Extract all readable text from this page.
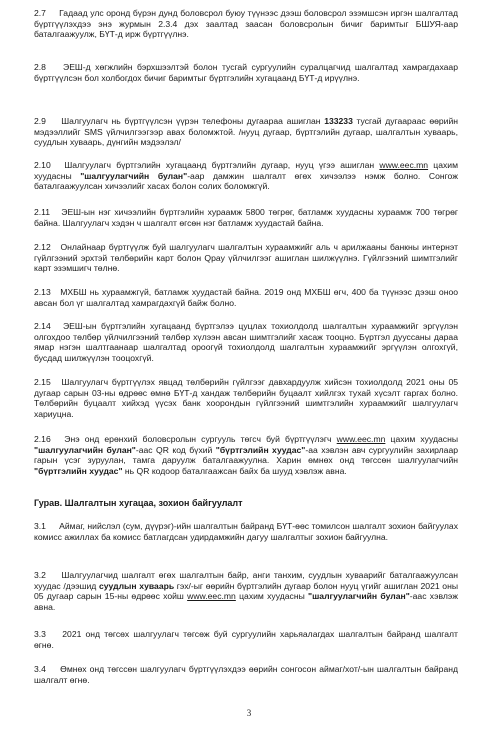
2.7 Гадаад улс оронд бүрэн дунд боловсрол буюу түүнээс дээш боловсрол эзэмшсэн иргэн шалгалтад бүртгүүлэхдээ энэ журмын 2.3.4 дэх заалтад заасан боловсролын бичиг баримтыг БШУЯ-аар баталгаажуулж, БҮТ-д ирж бүртгүүлнэ.
2.8 ЭЕШ-д хөгжлийн бэрхшээлтэй болон тусгай сургуулийн суралцагчид шалгалтад хамрагдахаар бүртгүүлсэн бол холбогдох бичиг баримтыг бүртгэлийн хугацаанд БҮТ-д ирүүлнэ.
2.9 Шалгуулагч нь бүртгүүлсэн үүрэн телефоны дугаараа ашиглан 133233 тусгай дугаараас өөрийн мэдээллийг SMS үйлчилгээгээр авах боломжтой. /нууц дугаар, бүртгэлийн дугаар, шалгалтын хуваарь, суудлын хуваарь, дүнгийн мэдээлэл/
2.10 Шалгуулагч бүртгэлийн хугацаанд бүртгэлийн дугаар, нууц үгээ ашиглан www.eec.mn цахим хуудасны "шалгуулагчийн булан"-аар дамжин шалгалт өгөх хичээлээ нэмж болно. Сонгож баталгаажуулсан хичээлийг хасах болон солих боломжгүй.
2.11 ЭЕШ-ын нэг хичээлийн бүртгэлийн хураамж 5800 төгрөг, батламж хуудасны хураамж 700 төгрөг байна. Шалгуулагч хэдэн ч шалгалт өгсөн нэг батламж хуудастай байна.
2.12 Онлайнаар бүртгүүлж буй шалгуулагч шалгалтын хураамжийг аль ч арилжааны банкны интернэт гүйлгээний эрхтэй төлбөрийн карт болон Qpay үйлчилгээг ашиглан шилжүүлнэ. Гүйлгээний шимтгэлийг карт эзэмшигч төлнө.
2.13 МХБШ нь хураамжгүй, батламж хуудастай байна. 2019 онд МХБШ өгч, 400 ба түүнээс дээш оноо авсан бол үг шалгалтад хамрагдахгүй байж болно.
2.14 ЭЕШ-ын бүртгэлийн хугацаанд бүртгэлээ цуцлах тохиолдолд шалгалтын хураамжийг эргүүлэн олгохдоо төлбөр үйлчилгээний төлбөр хүлээн авсан шимтгэлийг хасаж тооцно. Бүртгэл дууссаны дараа ямар нэгэн шалтгаанаар шалгалтад ороогүй тохиолдолд шалгалтын хураамжийг эргүүлэн олгохгүй, бусдад шилжүүлэн тооцохгүй.
2.15 Шалгуулагч бүртгүүлэх явцад төлбөрийн гүйлгээг давхардуулж хийсэн тохиолдолд 2021 оны 05 дугаар сарын 03-ны өдрөөс өмнө БҮТ-д хандаж төлбөрийн буцаалт хийлгэх тухай хүсэлт гаргах болно. Төлбөрийн буцаалт хийхэд үүсэх банк хоорондын гүйлгээний шимтгэлийн хураамжийг шалгуулагч хариуцна.
2.16 Энэ онд ерөнхий боловсролын сургууль төгсч буй бүртгүүлэгч www.eec.mn цахим хуудасны "шалгуулагчийн булан"-аас QR код бүхий "бүртгэлийн хуудас"-аа хэвлэн авч сургуулийн захирлаар гарын үсэг зуруулан, тамга даруулж баталгаажуулна. Харин өмнөх онд төгссөн шалгуулагчийн "бүртгэлийн хуудас" нь QR кодоор баталгаажсан байх ба шууд хэвлэж авна.
Гурав. Шалгалтын хугацаа, зохион байгуулалт
3.1 Аймаг, нийслэл (сум, дүүрэг)-ийн шалгалтын байранд БҮТ-өөс томилсон шалгалт зохион байгуулах комисс ажиллах ба комисс батлагдсан удирдамжийн дагуу шалгалтыг зохион байгуулна.
3.2 Шалгуулагчид шалгалт өгөх шалгалтын байр, анги танхим, суудлын хуваарийг баталгаажуулсан хуудас /дээшид суудлын хуваарь гэх/-ыг өөрийн бүртгэлийн дугаар болон нууц үгийг ашиглан 2021 оны 05 дугаар сарын 15-ны өдрөөс хойш www.eec.mn цахим хуудасны "шалгуулагчийн булан"-аас хэвлэж авна.
3.3 2021 онд төгсөх шалгуулагч төгсөж буй сургуулийн харьяалагдах шалгалтын байранд шалгалт өгнө.
3.4 Өмнөх онд төгссөн шалгуулагч бүртгүүлэхдээ өөрийн сонгосон аймаг/хот/-ын шалгалтын байранд шалгалт өгнө.
3
